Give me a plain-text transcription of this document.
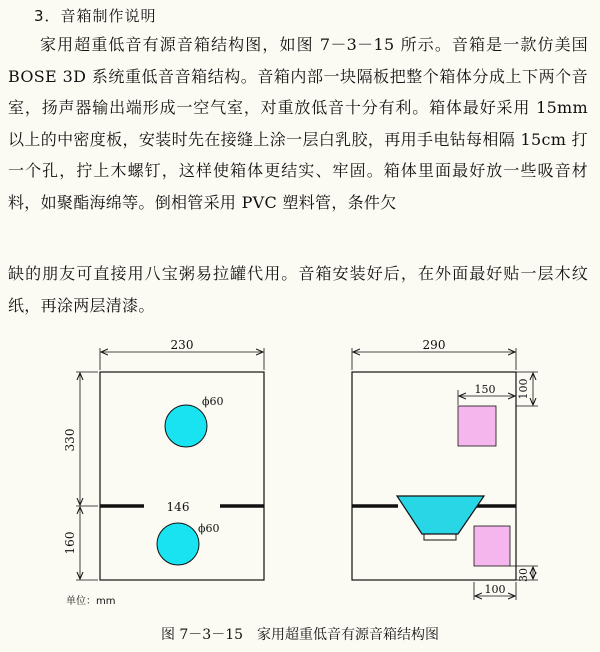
3．音箱制作说明

家用超重低音有源音箱结构图，如图 7－3－15 所示。音箱是一款仿美国 BOSE 3D 系统重低音音箱结构。音箱内部一块隔板把整个箱体分成上下两个音室，扬声器输出端形成一空气室，对重放低音十分有利。箱体最好采用 15mm 以上的中密度板，安装时先在接缝上涂一层白乳胶，再用手电钻每相隔 15cm 打一个孔，拧上木螺钉，这样使箱体更结实、牢固。箱体里面最好放一些吸音材料，如聚酯海绵等。倒相管采用 PVC 塑料管，条件欠

缺的朋友可直接用八宝粥易拉罐代用。音箱安装好后，在外面最好贴一层木纹纸，再涂两层清漆。

230
330
160
146
ϕ60
ϕ60
290
150 100
30
100
单位：mm
图 7－3－15　家用超重低音有源音箱结构图
